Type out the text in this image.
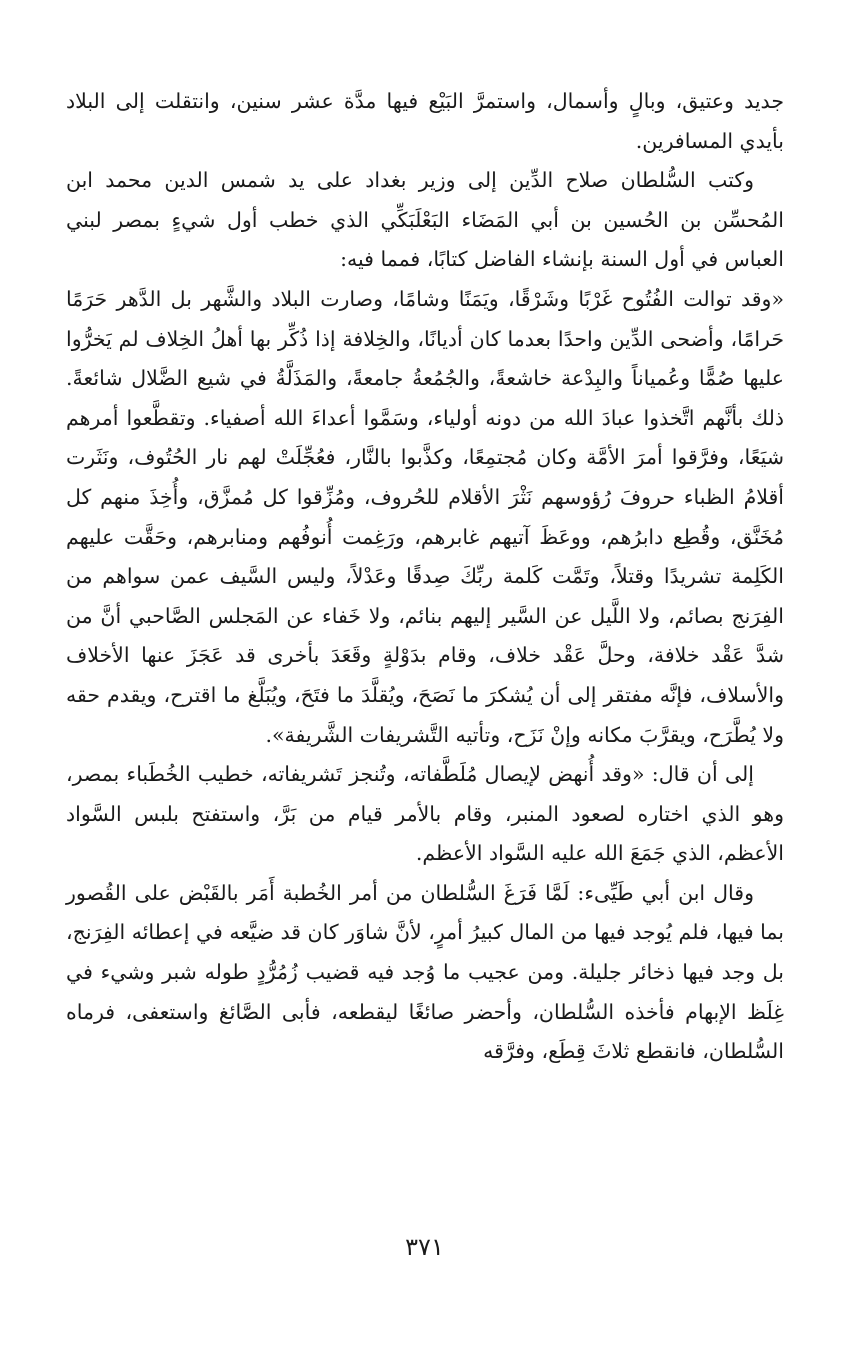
جديد وعتيق، وبالٍ وأسمال، واستمرَّ البَيْع فيها مدَّة عشر سنين، وانتقلت إلى البلاد بأيدي المسافرين.

وكتب السُّلطان صلاح الدِّين إلى وزير بغداد على يد شمس الدين محمد ابن المُحسِّن بن الحُسين بن أبي المَضَاء البَعْلَبَكِّي الذي خطب أول شيءٍ بمصر لبني العباس في أول السنة بإنشاء الفاضل كتابًا، فمما فيه:

«وقد توالت الفُتُوح غَرْبًا وشَرْقًا، ويَمَنًا وشامًا، وصارت البلاد والشَّهر بل الدَّهر حَرَمًا حَرامًا، وأضحى الدِّين واحدًا بعدما كان أديانًا، والخِلافة إذا ذُكِّر بها أهلُ الخِلاف لم يَخرُّوا عليها صُمًّا وعُمياناً والبِدْعة خاشعةً، والجُمُعةُ جامعةً، والمَذَلَّةُ في شيع الضَّلال شائعةً. ذلك بأنَّهم اتَّخذوا عبادَ الله من دونه أولياء، وسَمَّوا أعداءَ الله أصفياء. وتقطَّعوا أمرهم شيَعًا، وفرَّقوا أمرَ الأمَّة وكان مُجتمِعًا، وكذَّبوا بالنَّار، فعُجِّلَتْ لهم نار الحُتُوف، ونَثَرت أقلامُ الظباء حروفَ رُؤوسهم نَثْرَ الأقلام للحُروف، ومُزِّقوا كل مُمزَّق، وأُخِذَ منهم كل مُخَنَّق، وقُطِع دابرُهم، ووعَظَ آتيهم غابرهم، ورَغِمت أُنوفُهم ومنابرهم، وحَقَّت عليهم الكَلِمة تشريدًا وقتلاً، وتَمَّت كَلمة ربِّكَ صِدقًا وعَدْلاً، وليس السَّيف عمن سواهم من الفِرَنج بصائم، ولا اللَّيل عن السَّير إليهم بنائم، ولا خَفاء عن المَجلس الصَّاحبي أنَّ من شدَّ عَقْد خلافة، وحلَّ عَقْد خلاف، وقام بدَوْلةٍ وقَعَدَ بأخرى قد عَجَزَ عنها الأخلاف والأسلاف، فإنَّه مفتقر إلى أن يُشكرَ ما نَصَحَ، ويُقلَّدَ ما فتَحَ، ويُبَلَّغ ما اقترح، ويقدم حقه ولا يُطَّرَح، ويقرَّبَ مكانه وإنْ نَزَح، وتأتيه التَّشريفات الشَّريفة».

إلى أن قال: «وقد أُنهض لإيصال مُلَطَّفاته، وتُنجز تَشريفاته، خطيب الخُطَباء بمصر، وهو الذي اختاره لصعود المنبر، وقام بالأمر قيام من بَرَّ، واستفتح بلبس السَّواد الأعظم، الذي جَمَعَ الله عليه السَّواد الأعظم.

وقال ابن أبي طَيِّىء: لَمَّا فَرَغَ السُّلطان من أمر الخُطبة أَمَر بالقَبْض على القُصور بما فيها، فلم يُوجد فيها من المال كبيرُ أمرٍ، لأنَّ شاوَر كان قد ضيَّعه في إعطائه الفِرَنج، بل وجد فيها ذخائر جليلة. ومن عجيب ما وُجد فيه قضيب زُمُرُّدٍ طوله شبر وشيء في غِلَظ الإبهام فأخذه السُّلطان، وأحضر صائغًا ليقطعه، فأبى الصَّائغ واستعفى، فرماه السُّلطان، فانقطع ثلاثَ قِطَع، وفرَّقه

٣٧١
